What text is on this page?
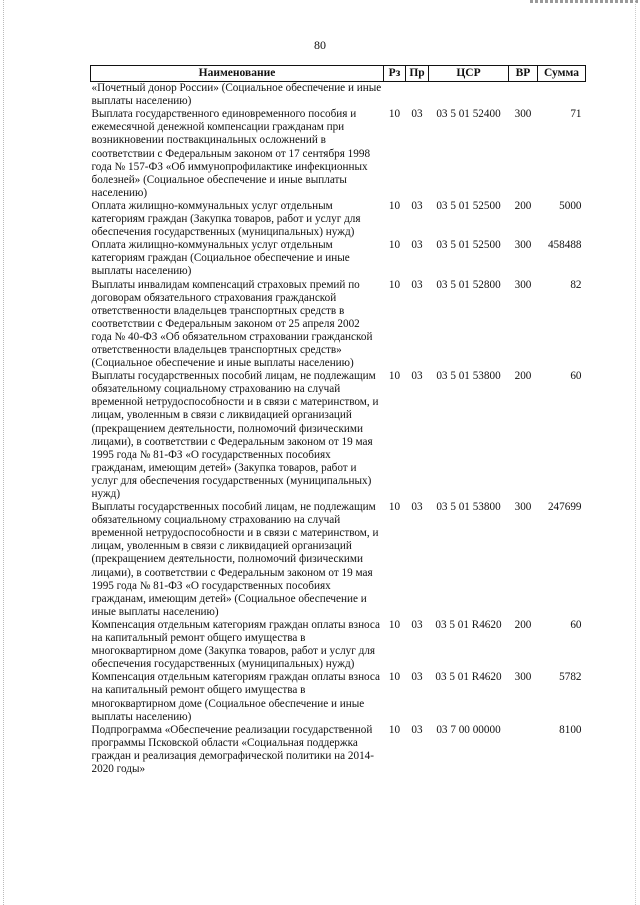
80
Наименование	Рз	Пр	ЦСР	ВР	Сумма
«Почетный донор России» (Социальное обеспечение и иные выплаты населению)					
Выплата государственного единовременного пособия и ежемесячной денежной компенсации гражданам при возникновении поствакцинальных осложнений в соответствии с Федеральным законом от 17 сентября 1998 года № 157-ФЗ «Об иммунопрофилактике инфекционных болезней» (Социальное обеспечение и иные выплаты населению)	10	03	03 5 01 52400	300	71
Оплата жилищно-коммунальных услуг отдельным категориям граждан (Закупка товаров, работ и услуг для обеспечения государственных (муниципальных) нужд)	10	03	03 5 01 52500	200	5000
Оплата жилищно-коммунальных услуг отдельным категориям граждан (Социальное обеспечение и иные выплаты населению)	10	03	03 5 01 52500	300	458488
Выплаты инвалидам компенсаций страховых премий по договорам обязательного страхования гражданской ответственности владельцев транспортных средств в соответствии с Федеральным законом от 25 апреля 2002 года № 40-ФЗ «Об обязательном страховании гражданской ответственности владельцев транспортных средств» (Социальное обеспечение и иные выплаты населению)	10	03	03 5 01 52800	300	82
Выплаты государственных пособий лицам, не подлежащим обязательному социальному страхованию на случай временной нетрудоспособности и в связи с материнством, и лицам, уволенным в связи с ликвидацией организаций (прекращением деятельности, полномочий физическими лицами), в соответствии с Федеральным законом от 19 мая 1995 года № 81-ФЗ «О государственных пособиях гражданам, имеющим детей» (Закупка товаров, работ и услуг для обеспечения государственных (муниципальных) нужд)	10	03	03 5 01 53800	200	60
Выплаты государственных пособий лицам, не подлежащим обязательному социальному страхованию на случай временной нетрудоспособности и в связи с материнством, и лицам, уволенным в связи с ликвидацией организаций (прекращением деятельности, полномочий физическими лицами), в соответствии с Федеральным законом от 19 мая 1995 года № 81-ФЗ «О государственных пособиях гражданам, имеющим детей» (Социальное обеспечение и иные выплаты населению)	10	03	03 5 01 53800	300	247699
Компенсация отдельным категориям граждан оплаты взноса на капитальный ремонт общего имущества в многоквартирном доме (Закупка товаров, работ и услуг для обеспечения государственных (муниципальных) нужд)	10	03	03 5 01 R4620	200	60
Компенсация отдельным категориям граждан оплаты взноса на капитальный ремонт общего имущества в многоквартирном доме (Социальное обеспечение и иные выплаты населению)	10	03	03 5 01 R4620	300	5782
Подпрограмма «Обеспечение реализации государственной программы Псковской области «Социальная поддержка граждан и реализация демографической политики на 2014-2020 годы»	10	03	03 7 00 00000		8100
